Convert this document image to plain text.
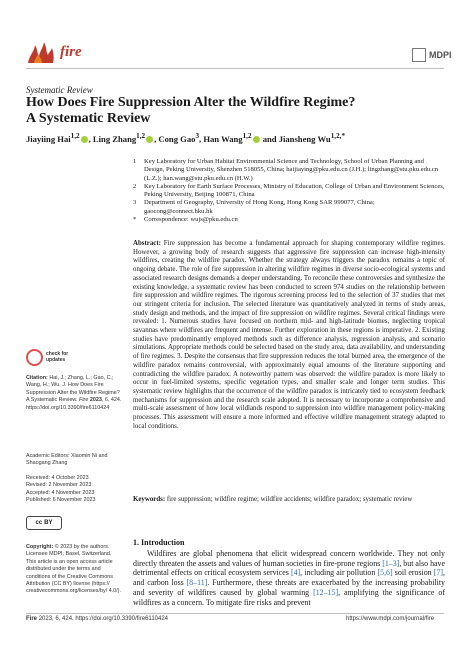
fire	MDPI
Systematic Review
How Does Fire Suppression Alter the Wildfire Regime?
A Systematic Review
Jiayiing Hai$^{1,2}$ , Ling Zhang$^{1,2}$ , Cong Gao$^3$, Han Wang$^{1,2}$ and Jiansheng $Wu^{1,2,*}$
1	Key Laboratory for Urban Habitat Environmental Science and Technology, School of Urban Planning and Design, Peking University, Shenzhen 518055, China; haijiaying@pku.edu.cn (J.H.); lingzhang@stu.pku.edu.cn (L.Z.); han.wang@stu.pku.edu.cn (H.W.)
2	Key Laboratory for Earth Surface Processes, Ministry of Education, College of Urban and Environment Sciences, Peking University, Beijing 100871, China
3	Department of Geography, University of Hong Kong, Hong Kong SAR 999077, China; gaocong@connect.hku.hk
*	Correspondence: wujs@pku.edu.cn
Abstract: Fire suppression has become a fundamental approach for shaping contemporary wildfire regimes. However, a growing body of research suggests that aggressive fire suppression can increase high-intensity wildfires, creating the wildfire paradox. Whether the strategy always triggers the paradox remains a topic of ongoing debate. The role of fire suppression in altering wildfire regimes in diverse socio-ecological systems and associated research designs demands a deeper understanding. To reconcile these controversies and synthesize the existing knowledge, a systematic review has been conducted to screen 974 studies on the relationship between fire suppression and wildfire regimes. The rigorous screening process led to the selection of 37 studies that met our stringent criteria for inclusion. The selected literature was quantitatively analyzed in terms of study areas, study design and methods, and the impact of fire suppression on wildfire regimes. Several critical findings were revealed: 1. Numerous studies have focused on northern mid- and high-latitude biomes, neglecting tropical savannas where wildfires are frequent and intense. Further exploration in these regions is imperative. 2. Existing studies have predominantly employed methods such as difference analysis, regression analysis, and scenario simulations. Appropriate methods could be selected based on the study area, data availability, and understanding of fire regimes. 3. Despite the consensus that fire suppression reduces the total burned area, the emergence of the wildfire paradox remains controversial, with approximately equal amounts of the literature supporting and contradicting the wildfire paradox. A noteworthy pattern was observed: the wildfire paradox is more likely to occur in fuel-limited systems, specific vegetation types, and smaller scale and longer term studies. This systematic review highlights that the occurrence of the wildfire paradox is intricately tied to ecosystem feedback mechanisms for suppression and the research scale adopted. It is necessary to incorporate a comprehensive and multi-scale assessment of how local wildlands respond to suppression into wildfire management policy-making processes. This assessment will ensure a more informed and effective wildfire management strategy adapted to local conditions.
Keywords: fire suppression; wildfire regime; wildfire accidents; wildfire paradox; systematic review
1. Introduction

Wildfires are global phenomena that elicit widespread concern worldwide. They not only directly threaten the assets and values of human societies in fire-prone regions [1–3], but also have detrimental effects on critical ecosystem services [4], including air pollution [5,6] soil erosion [7], and carbon loss [8–11]. Furthermore, these threats are exacerbated by the increasing probability and severity of wildfires caused by global warming [12–15], amplifying the significance of wildfires as a concern. To mitigate fire risks and prevent

check for
updates
Citation: Hai, J.; Zhang, L.; Gao, C.; Wang, H.; Wu, J. How Does Fire Suppression Alter the Wildfire Regime? A Systematic Review. Fire 2023, 6, 424. https://doi.org/10.3390/fire6110424
Academic Editors: Xiaomin Ni and Shaogang Zhang
Received: 4 October 2023
Revised: 2 November 2023
Accepted: 4 November 2023
Published: 6 November 2023
cc BY
Copyright: © 2023 by the authors. Licensee MDPI, Basel, Switzerland. This article is an open access article distributed under the terms and conditions of the Creative Commons Attribution (CC BY) license (https:// creativecommons.org/licenses/by/ 4.0/).
Fire 2023, 6, 424. https://doi.org/10.3390/fire6110424	https://www.mdpi.com/journal/fire
